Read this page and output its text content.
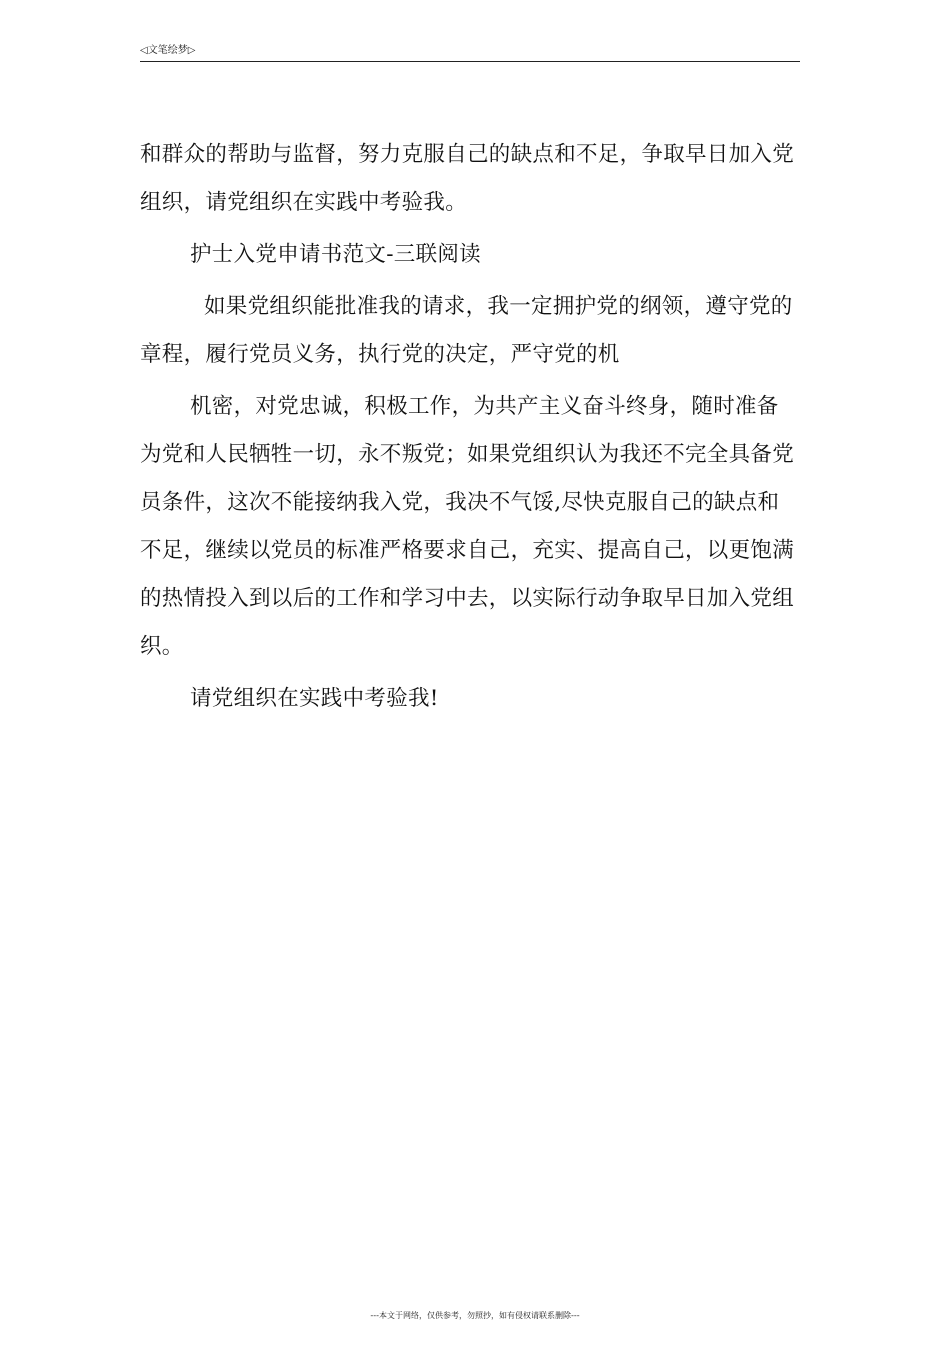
◁文笔绘梦▷
和群众的帮助与监督，努力克服自己的缺点和不足，争取早日加入党
组织，请党组织在实践中考验我。
护士入党申请书范文-三联阅读
如果党组织能批准我的请求，我一定拥护党的纲领，遵守党的
章程，履行党员义务，执行党的决定，严守党的机
机密，对党忠诚，积极工作，为共产主义奋斗终身，随时准备
为党和人民牺牲一切，永不叛党；如果党组织认为我还不完全具备党
员条件，这次不能接纳我入党，我决不气馁,尽快克服自己的缺点和
不足，继续以党员的标准严格要求自己，充实、提高自己，以更饱满
的热情投入到以后的工作和学习中去，以实际行动争取早日加入党组
织。
请党组织在实践中考验我!
---本文于网络，仅供参考，勿照抄，如有侵权请联系删除---
